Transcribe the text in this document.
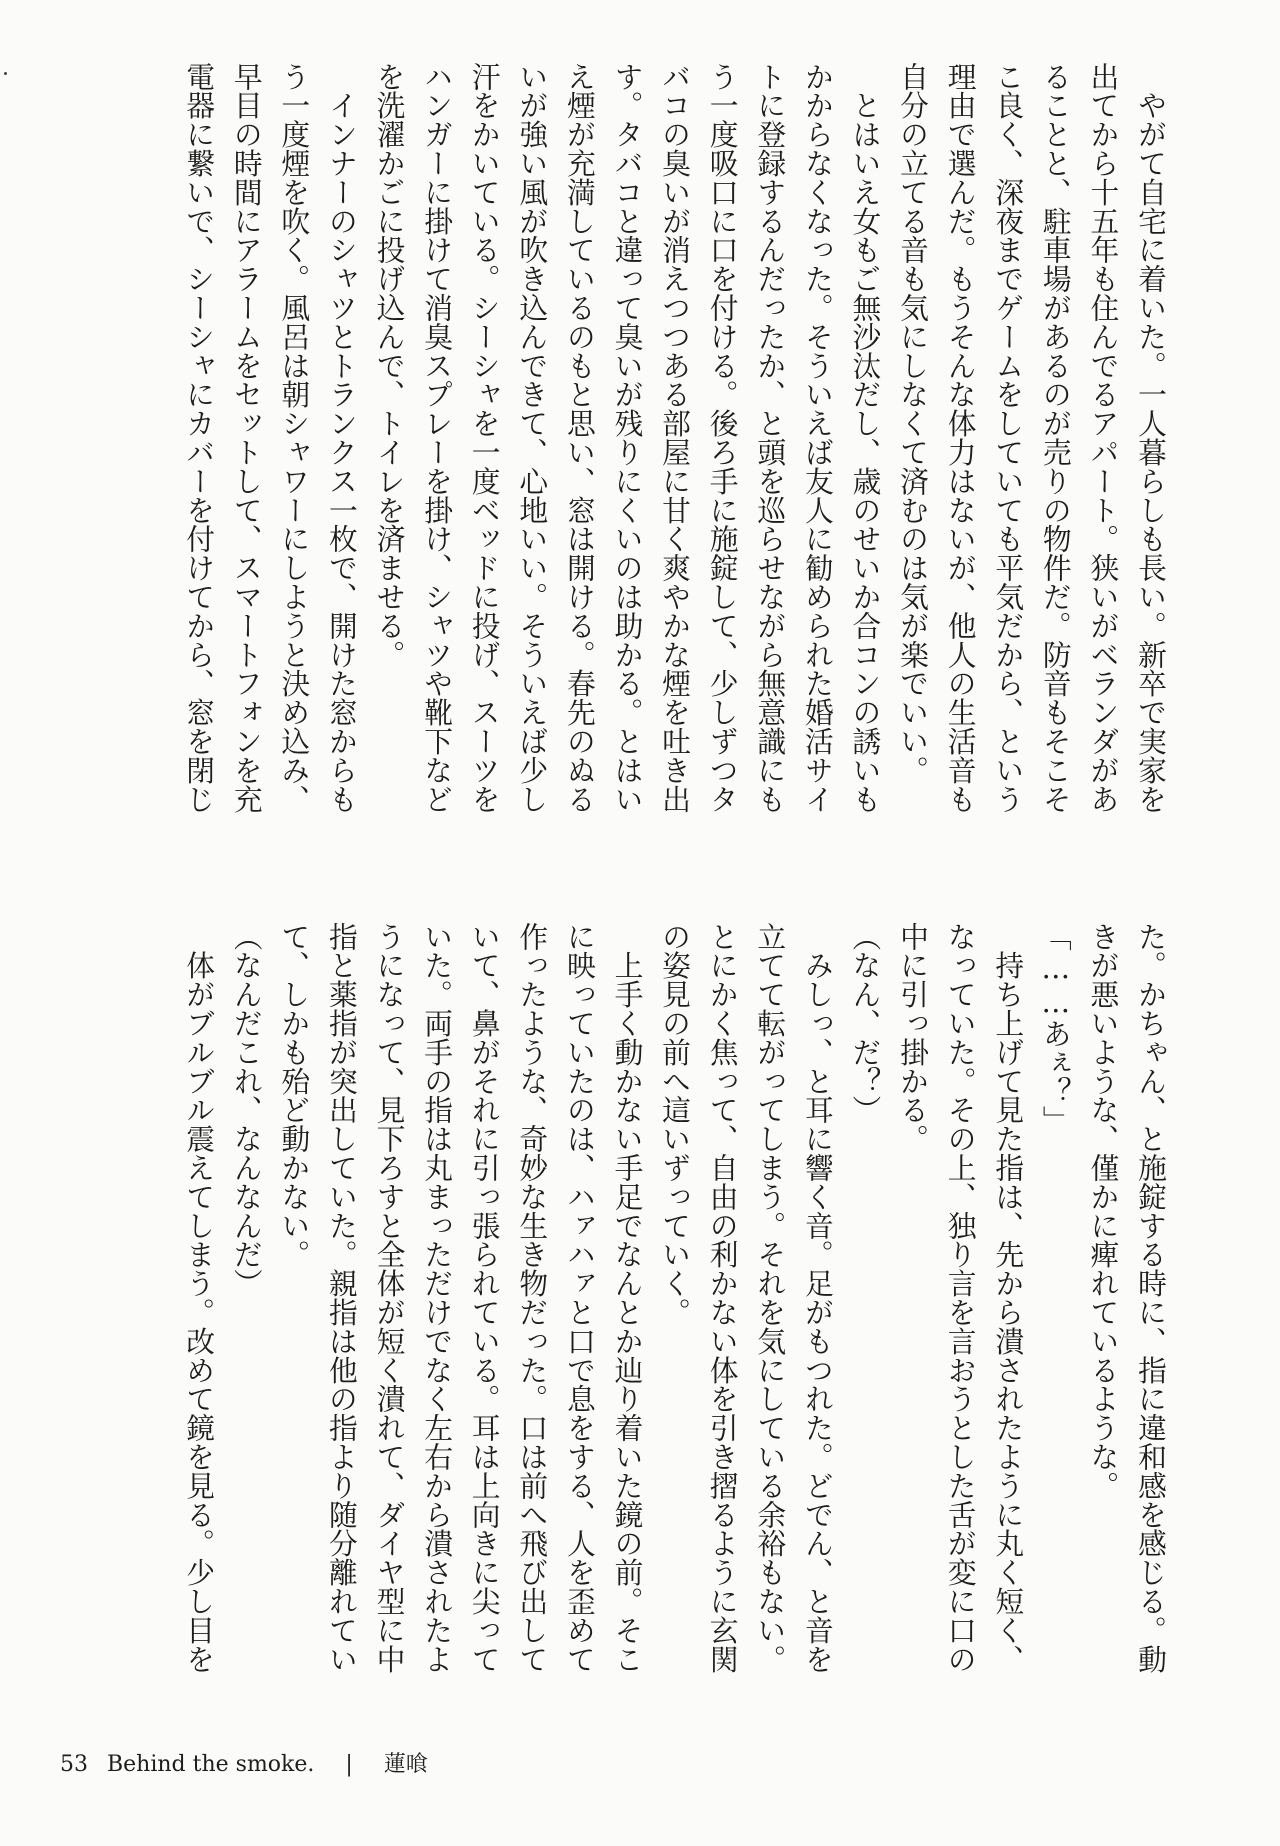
　やがて自宅に着いた。一人暮らしも長い。新卒で実家を
出てから十五年も住んでるアパート。狭いがベランダがあ
ることと、駐車場があるのが売りの物件だ。防音もそこそ
こ良く、深夜までゲームをしていても平気だから、という
理由で選んだ。もうそんな体力はないが、他人の生活音も
自分の立てる音も気にしなくて済むのは気が楽でいい。
　とはいえ女もご無沙汰だし、歳のせいか合コンの誘いも
かからなくなった。そういえば友人に勧められた婚活サイ
トに登録するんだったか、と頭を巡らせながら無意識にも
う一度吸口に口を付ける。後ろ手に施錠して、少しずつタ
バコの臭いが消えつつある部屋に甘く爽やかな煙を吐き出
す。タバコと違って臭いが残りにくいのは助かる。とはい
え煙が充満しているのもと思い、窓は開ける。春先のぬる
いが強い風が吹き込んできて、心地いい。そういえば少し
汗をかいている。シーシャを一度ベッドに投げ、スーツを
ハンガーに掛けて消臭スプレーを掛け、シャツや靴下など
を洗濯かごに投げ込んで、トイレを済ませる。
　インナーのシャツとトランクス一枚で、開けた窓からも
う一度煙を吹く。風呂は朝シャワーにしようと決め込み、
早目の時間にアラームをセットして、スマートフォンを充
電器に繋いで、シーシャにカバーを付けてから、窓を閉じ
た。かちゃん、と施錠する時に、指に違和感を感じる。動
きが悪いような、僅かに痺れているような。
「……あぇ？」
　持ち上げて見た指は、先から潰されたように丸く短く、
なっていた。その上、独り言を言おうとした舌が変に口の
中に引っ掛かる。
（なん、だ？）
　みしっ、と耳に響く音。足がもつれた。どでん、と音を
立てて転がってしまう。それを気にしている余裕もない。
とにかく焦って、自由の利かない体を引き摺るように玄関
の姿見の前へ這いずっていく。
　上手く動かない手足でなんとか辿り着いた鏡の前。そこ
に映っていたのは、ハァハァと口で息をする、人を歪めて
作ったような、奇妙な生き物だった。口は前へ飛び出して
いて、鼻がそれに引っ張られている。耳は上向きに尖って
いた。両手の指は丸まっただけでなく左右から潰されたよ
うになって、見下ろすと全体が短く潰れて、ダイヤ型に中
指と薬指が突出していた。親指は他の指より随分離れてい
て、しかも殆ど動かない。
（なんだこれ、なんなんだ）
　体がブルブル震えてしまう。改めて鏡を見る。少し目を
53 Behind the smoke. | 蓮喰
